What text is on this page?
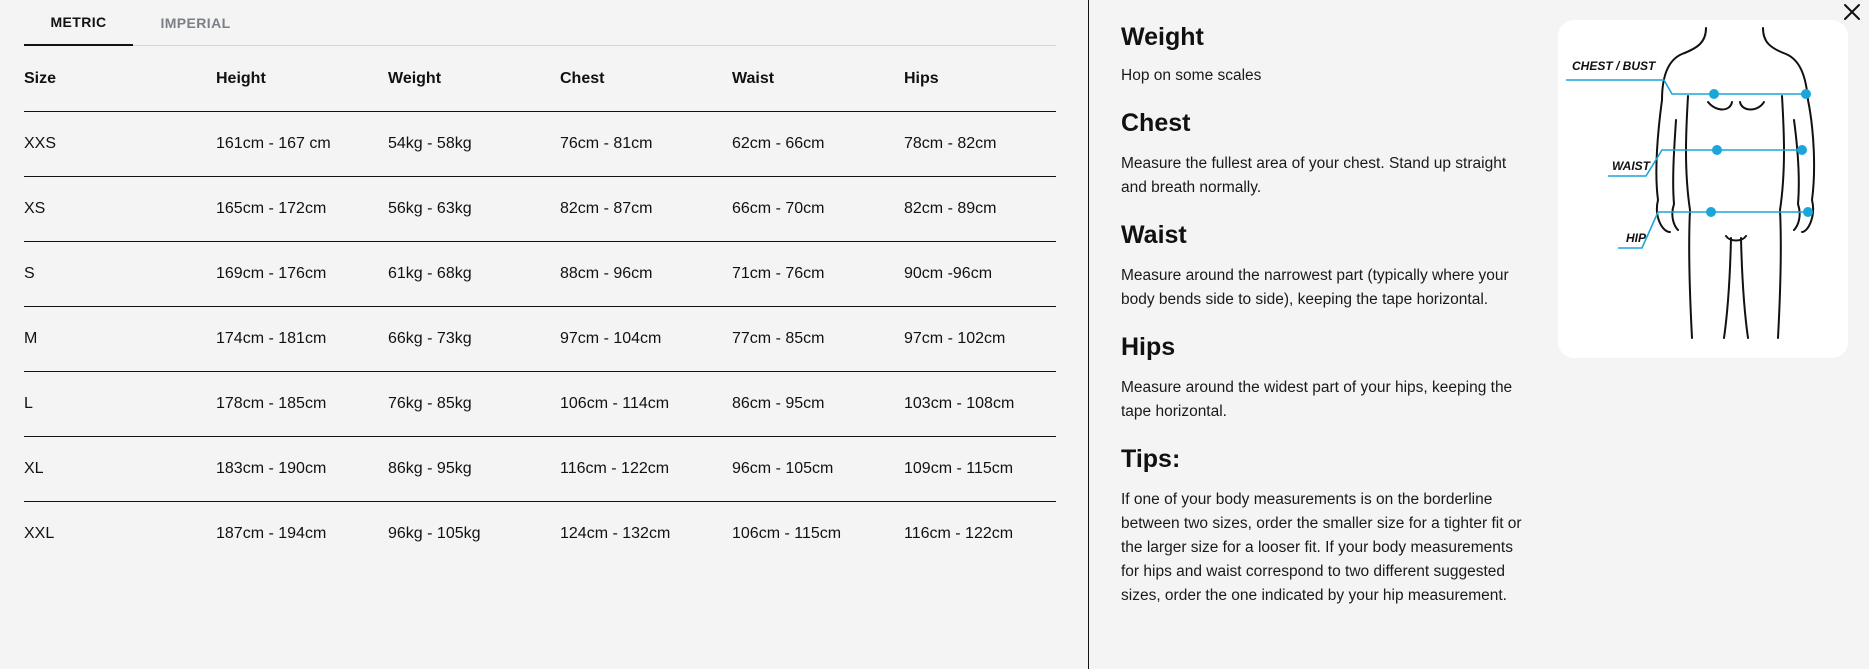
METRIC	IMPERIAL
Size	Height	Weight	Chest	Waist	Hips
XXS	161cm - 167 cm	54kg - 58kg	76cm - 81cm	62cm - 66cm	78cm - 82cm
XS	165cm - 172cm	56kg - 63kg	82cm - 87cm	66cm - 70cm	82cm - 89cm
S	169cm - 176cm	61kg - 68kg	88cm - 96cm	71cm - 76cm	90cm -96cm
M	174cm - 181cm	66kg - 73kg	97cm - 104cm	77cm - 85cm	97cm - 102cm
L	178cm - 185cm	76kg - 85kg	106cm - 114cm	86cm - 95cm	103cm - 108cm
XL	183cm - 190cm	86kg - 95kg	116cm - 122cm	96cm - 105cm	109cm - 115cm
XXL	187cm - 194cm	96kg - 105kg	124cm - 132cm	106cm - 115cm	116cm - 122cm
Weight

Hop on some scales

Chest

Measure the fullest area of your chest. Stand up straight and breath normally.

Waist

Measure around the narrowest part (typically where your body bends side to side), keeping the tape horizontal.

Hips

Measure around the widest part of your hips, keeping the tape horizontal.

Tips:

If one of your body measurements is on the borderline between two sizes, order the smaller size for a tighter fit or the larger size for a looser fit. If your body measurements for hips and waist correspond to two different suggested sizes, order the one indicated by your hip measurement.

CHEST / BUST
WAIST
HIP
